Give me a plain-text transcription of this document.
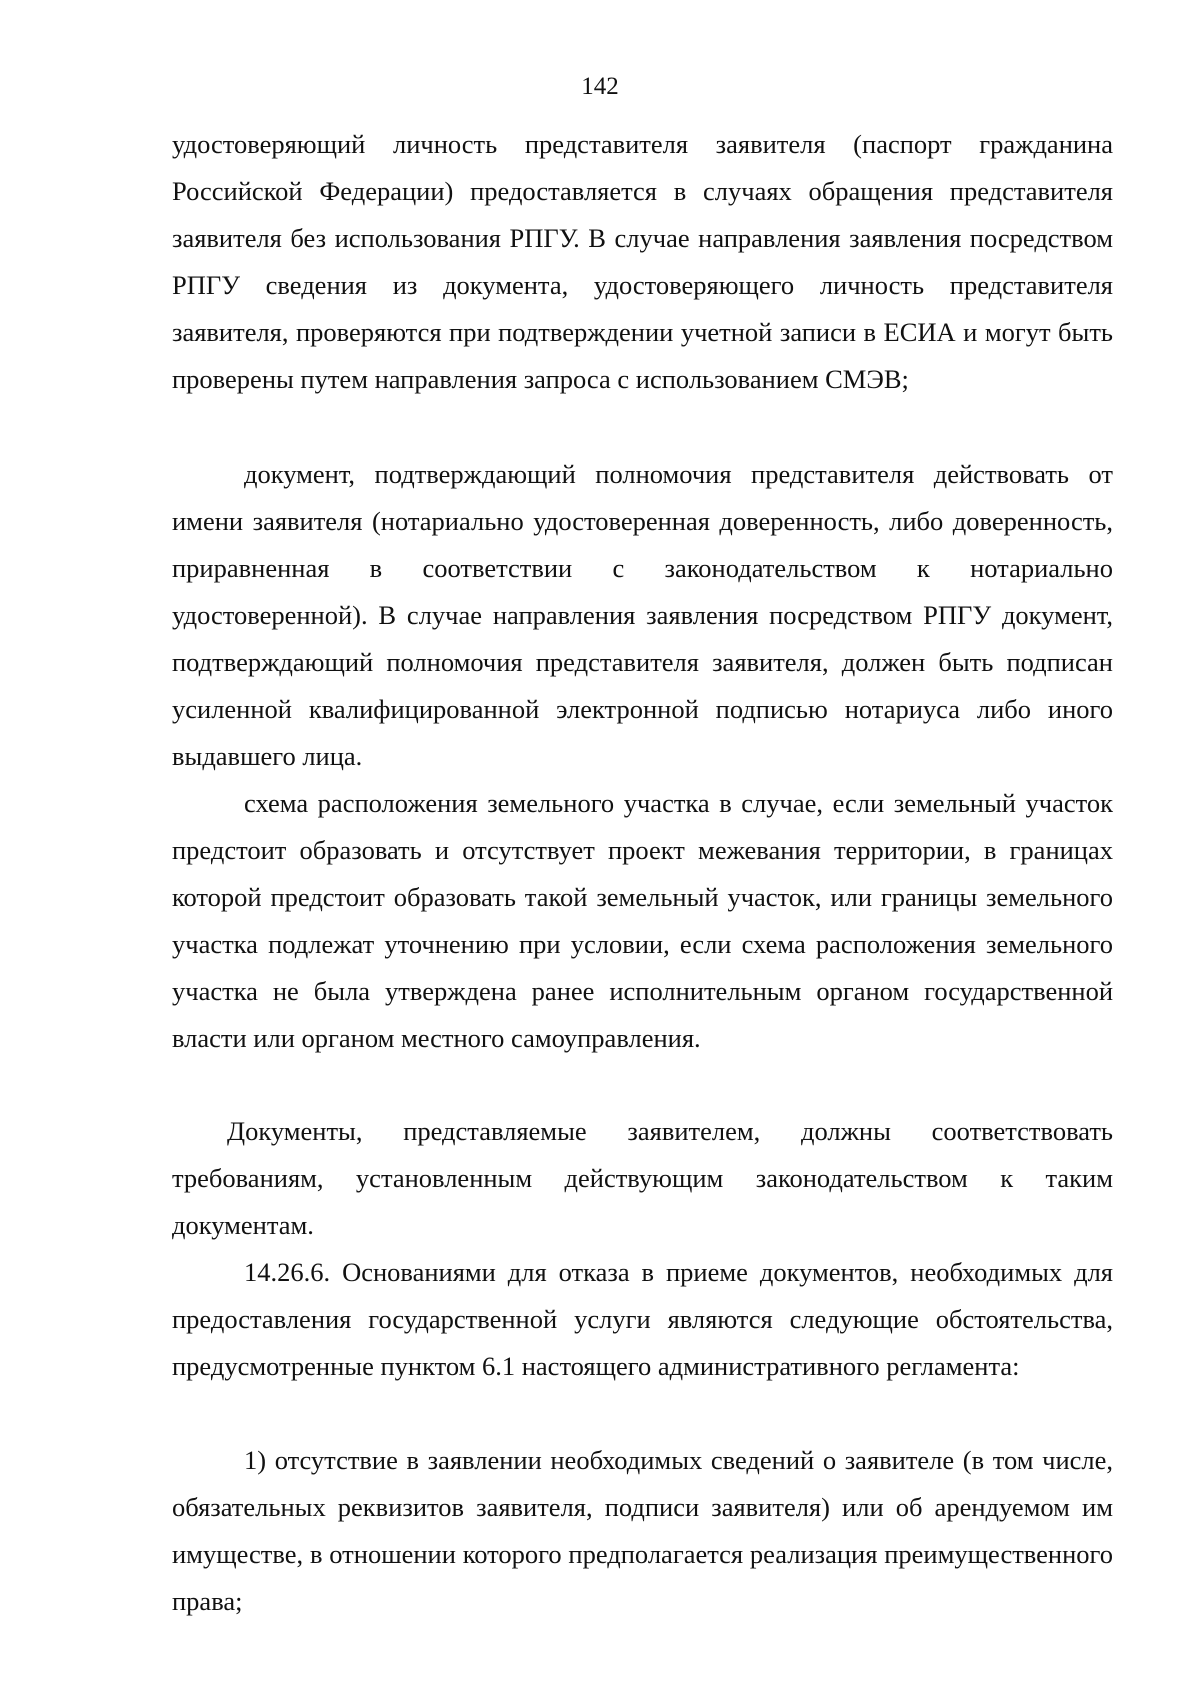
142

удостоверяющий личность представителя заявителя (паспорт гражданина Российской Федерации) предоставляется в случаях обращения представителя заявителя без использования РПГУ. В случае направления заявления посредством РПГУ сведения из документа, удостоверяющего личность представителя заявителя, проверяются при подтверждении учетной записи в ЕСИА и могут быть проверены путем направления запроса с использованием СМЭВ;

документ, подтверждающий полномочия представителя действовать от имени заявителя (нотариально удостоверенная доверенность, либо доверенность, приравненная в соответствии с законодательством к нотариально удостоверенной). В случае направления заявления посредством РПГУ документ, подтверждающий полномочия представителя заявителя, должен быть подписан усиленной квалифицированной электронной подписью нотариуса либо иного выдавшего лица.

схема расположения земельного участка в случае, если земельный участок предстоит образовать и отсутствует проект межевания территории, в границах которой предстоит образовать такой земельный участок, или границы земельного участка подлежат уточнению при условии, если схема расположения земельного участка не была утверждена ранее исполнительным органом государственной власти или органом местного самоуправления.

Документы, представляемые заявителем, должны соответствовать требованиям, установленным действующим законодательством к таким документам.

14.26.6. Основаниями для отказа в приеме документов, необходимых для предоставления государственной услуги являются следующие обстоятельства, предусмотренные пунктом 6.1 настоящего административного регламента:

1) отсутствие в заявлении необходимых сведений о заявителе (в том числе, обязательных реквизитов заявителя, подписи заявителя) или об арендуемом им имуществе, в отношении которого предполагается реализация преимущественного права;
